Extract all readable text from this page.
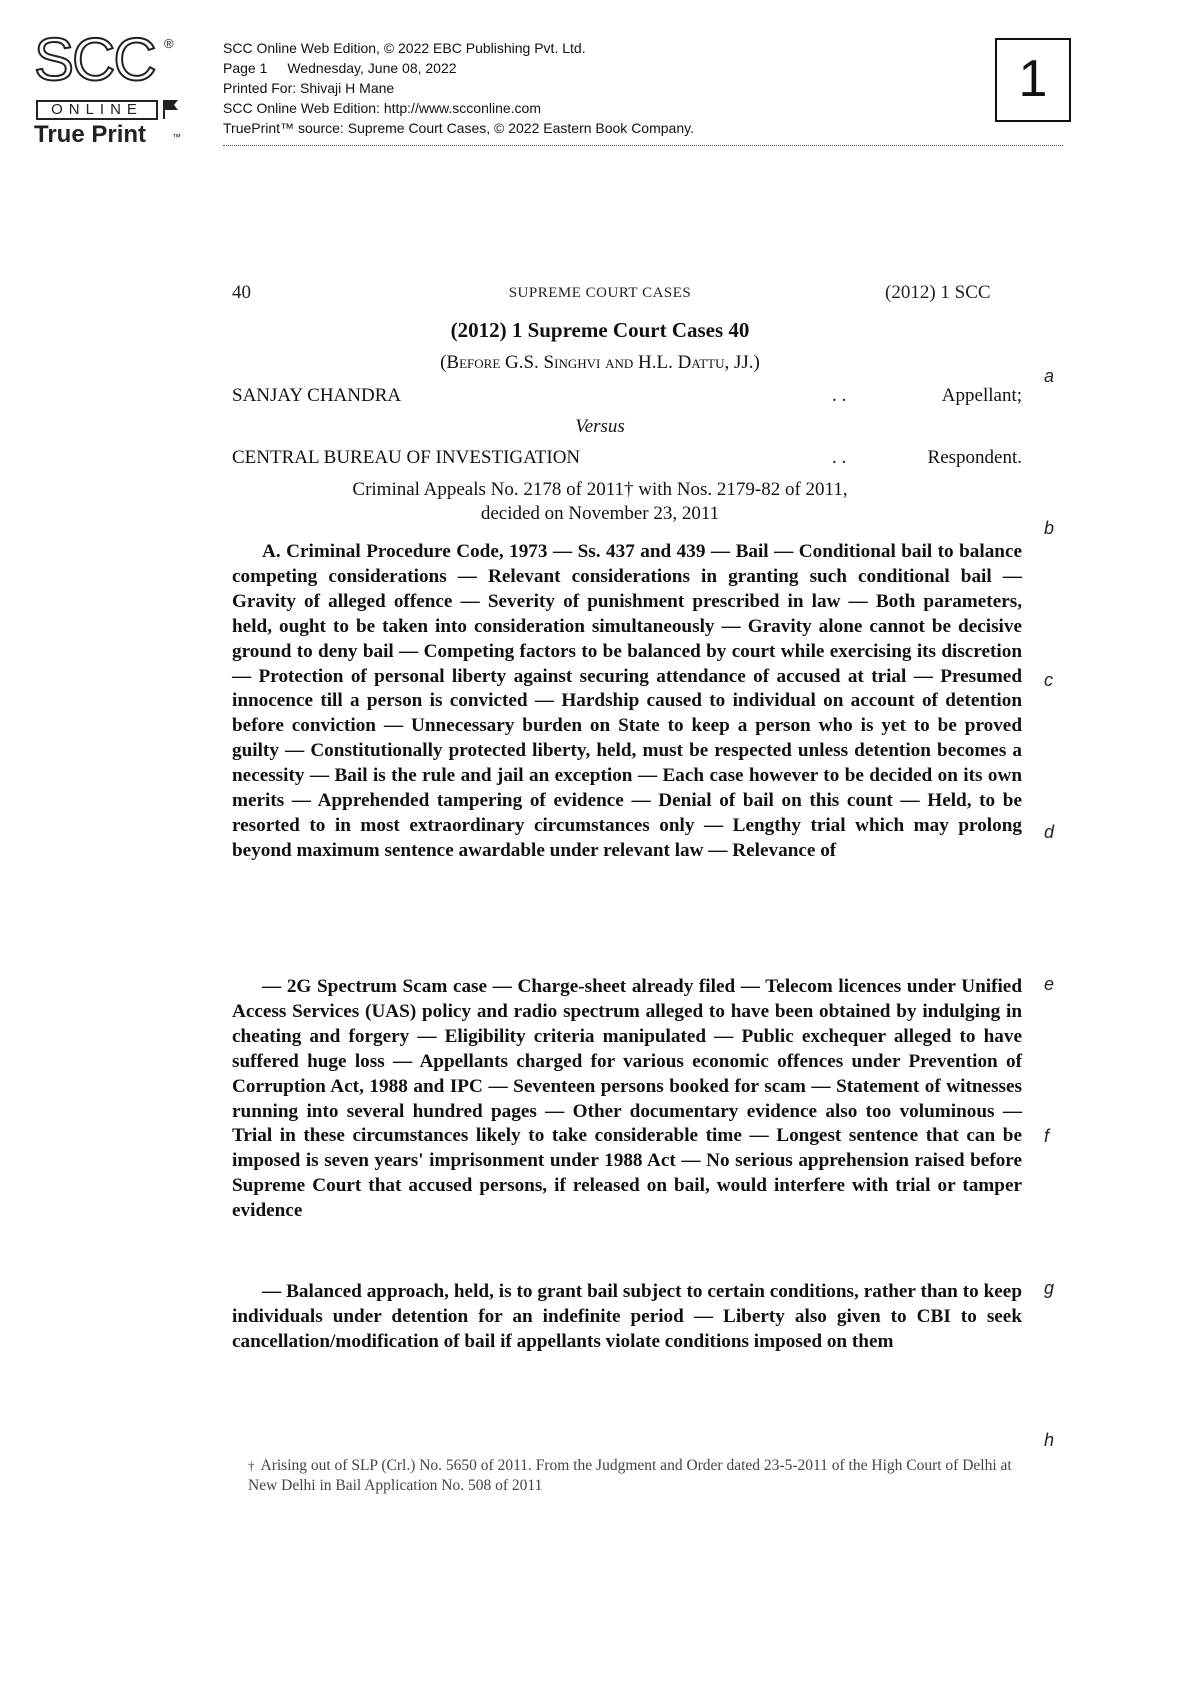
SCC ®
ONLINE
True Print	™
SCC Online Web Edition, © 2022 EBC Publishing Pvt. Ltd.
Page 1 Wednesday, June 08, 2022
Printed For: Shivaji H Mane
SCC Online Web Edition: http://www.scconline.com
TruePrint™ source: Supreme Court Cases, © 2022 Eastern Book Company.
1
40	SUPREME COURT CASES	(2012) 1 SCC
(2012) 1 Supreme Court Cases 40
(Before G.S. Singhvi and H.L. Dattu, JJ.)
SANJAY CHANDRA	. .	Appellant;
Versus
CENTRAL BUREAU OF INVESTIGATION	. .	Respondent.
Criminal Appeals No. 2178 of 2011† with Nos. 2179-82 of 2011,
decided on November 23, 2011

A. Criminal Procedure Code, 1973 — Ss. 437 and 439 — Bail — Conditional bail to balance competing considerations — Relevant considerations in granting such conditional bail — Gravity of alleged offence — Severity of punishment prescribed in law — Both parameters, held, ought to be taken into consideration simultaneously — Gravity alone cannot be decisive ground to deny bail — Competing factors to be balanced by court while exercising its discretion — Protection of personal liberty against securing attendance of accused at trial — Presumed innocence till a person is convicted — Hardship caused to individual on account of detention before conviction — Unnecessary burden on State to keep a person who is yet to be proved guilty — Constitutionally protected liberty, held, must be respected unless detention becomes a necessity — Bail is the rule and jail an exception — Each case however to be decided on its own merits — Apprehended tampering of evidence — Denial of bail on this count — Held, to be resorted to in most extraordinary circumstances only — Lengthy trial which may prolong beyond maximum sentence awardable under relevant law — Relevance of

— 2G Spectrum Scam case — Charge-sheet already filed — Telecom licences under Unified Access Services (UAS) policy and radio spectrum alleged to have been obtained by indulging in cheating and forgery — Eligibility criteria manipulated — Public exchequer alleged to have suffered huge loss — Appellants charged for various economic offences under Prevention of Corruption Act, 1988 and IPC — Seventeen persons booked for scam — Statement of witnesses running into several hundred pages — Other documentary evidence also too voluminous — Trial in these circumstances likely to take considerable time — Longest sentence that can be imposed is seven years' imprisonment under 1988 Act — No serious apprehension raised before Supreme Court that accused persons, if released on bail, would interfere with trial or tamper evidence

— Balanced approach, held, is to grant bail subject to certain conditions, rather than to keep individuals under detention for an indefinite period — Liberty also given to CBI to seek cancellation/modification of bail if appellants violate conditions imposed on them

a
b
c
d
e
f
g
h
† Arising out of SLP (Crl.) No. 5650 of 2011. From the Judgment and Order dated 23-5-2011 of the High Court of Delhi at New Delhi in Bail Application No. 508 of 2011
